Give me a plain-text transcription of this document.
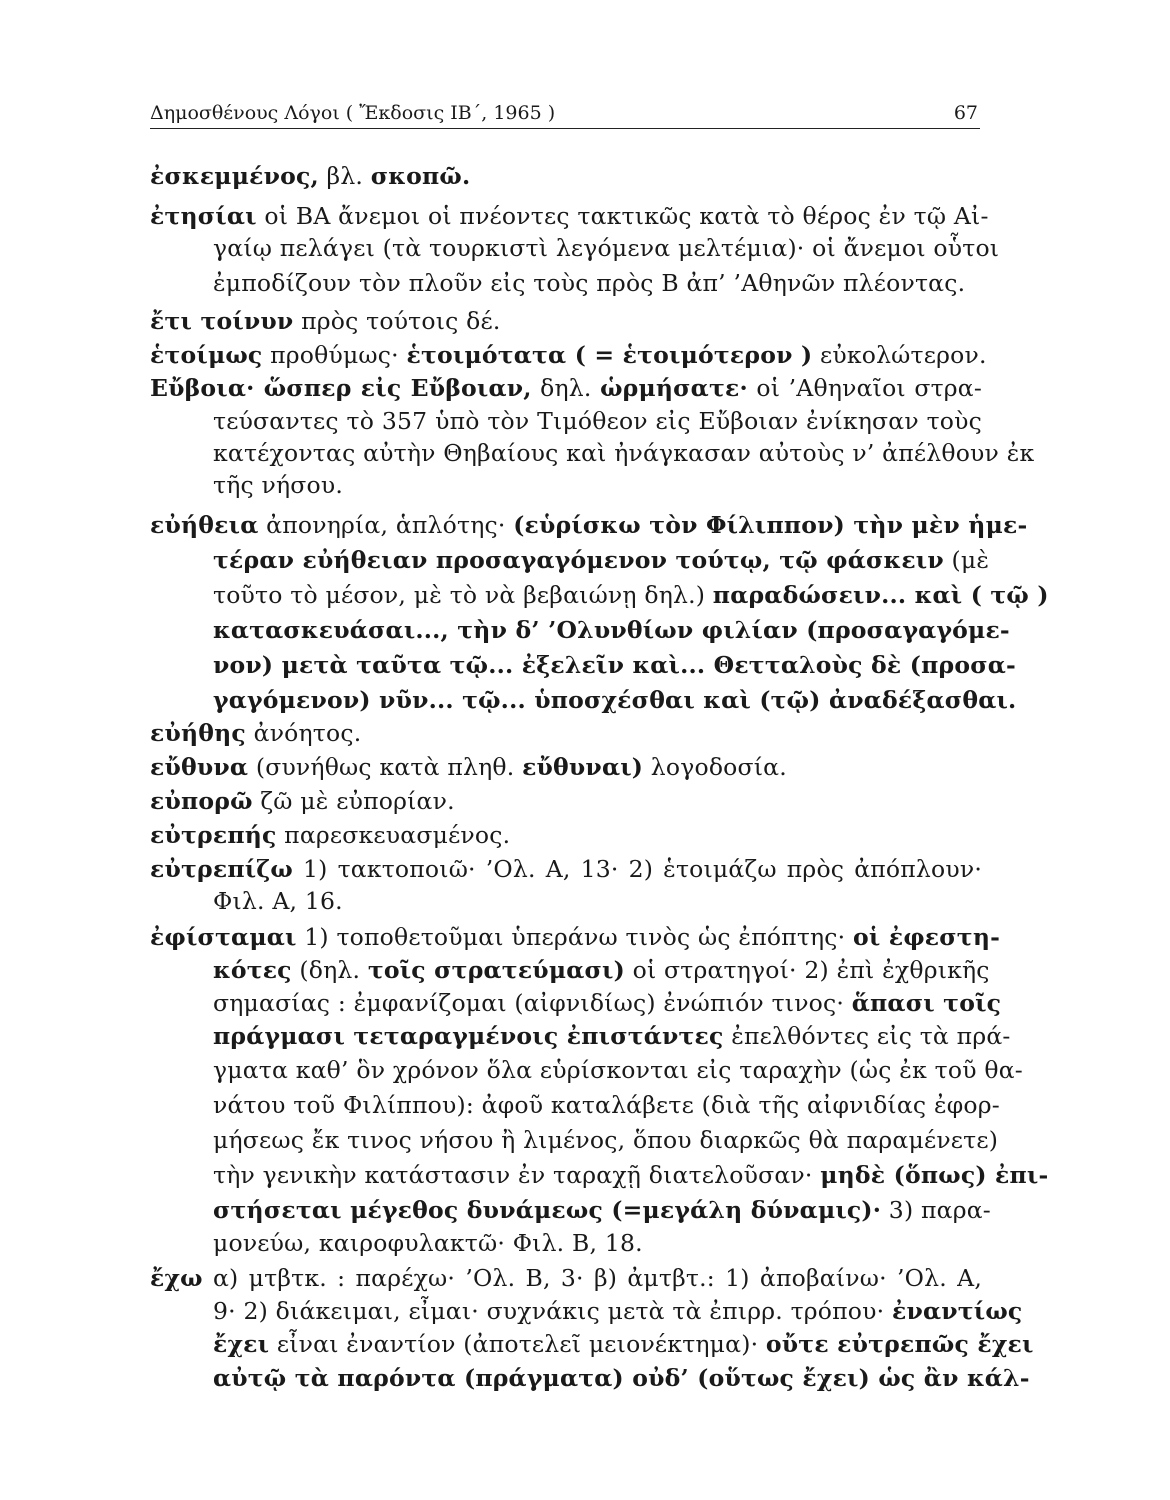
Δημοσθένους Λόγοι ( Ἔκδοσις ΙΒ΄, 1965 )	67
ἐσκεμμένος, βλ. σκοπῶ.
ἐτησίαι οἱ ΒΑ ἄνεμοι οἱ πνέοντες τακτικῶς κατὰ τὸ θέρος ἐν τῷ Αἰ-
γαίῳ πελάγει (τὰ τουρκιστὶ λεγόμενα μελτέμια)· οἱ ἄνεμοι οὗτοι
ἐμποδίζουν τὸν πλοῦν εἰς τοὺς πρὸς Β ἀπ’ ’Αθηνῶν πλέοντας.
ἔτι τοίνυν πρὸς τούτοις δέ.
ἑτοίμως προθύμως· ἑτοιμότατα ( = ἑτοιμότερον ) εὐκολώτερον.
Εὔβοια· ὥσπερ εἰς Εὔβοιαν, δηλ. ὡρμήσατε· οἱ ’Αθηναῖοι στρα-
τεύσαντες τὸ 357 ὑπὸ τὸν Τιμόθεον εἰς Εὔβοιαν ἐνίκησαν τοὺς
κατέχοντας αὐτὴν Θηβαίους καὶ ἠνάγκασαν αὐτοὺς ν’ ἀπέλθουν ἐκ
τῆς νήσου.
εὐήθεια ἀπονηρία, ἁπλότης· (εὑρίσκω τὸν Φίλιππον) τὴν μὲν ἡμε-
τέραν εὐήθειαν προσαγαγόμενον τούτῳ, τῷ φάσκειν (μὲ
τοῦτο τὸ μέσον, μὲ τὸ νὰ βεβαιώνῃ δηλ.) παραδώσειν... καὶ ( τῷ )
κατασκευάσαι..., τὴν δ’ ’Ολυνθίων φιλίαν (προσαγαγόμε-
νον) μετὰ ταῦτα τῷ... ἐξελεῖν καὶ... Θετταλοὺς δὲ (προσα-
γαγόμενον) νῦν... τῷ... ὑποσχέσθαι καὶ (τῷ) ἀναδέξασθαι.
εὐήθης ἀνόητος.
εὔθυνα (συνήθως κατὰ πληθ. εὔθυναι) λογοδοσία.
εὐπορῶ ζῶ μὲ εὐπορίαν.
εὐτρεπής παρεσκευασμένος.
εὐτρεπίζω 1) τακτοποιῶ· ’Ολ. Α, 13· 2) ἑτοιμάζω πρὸς ἀπόπλουν·
Φιλ. Α, 16.
ἐφίσταμαι 1) τοποθετοῦμαι ὑπεράνω τινὸς ὡς ἐπόπτης· οἱ ἐφεστη-
κότες (δηλ. τοῖς στρατεύμασι) οἱ στρατηγοί· 2) ἐπὶ ἐχθρικῆς
σημασίας : ἐμφανίζομαι (αἰφνιδίως) ἐνώπιόν τινος· ἅπασι τοῖς
πράγμασι τεταραγμένοις ἐπιστάντες ἐπελθόντες εἰς τὰ πρά-
γματα καθ’ ὃν χρόνον ὅλα εὑρίσκονται εἰς ταραχὴν (ὡς ἐκ τοῦ θα-
νάτου τοῦ Φιλίππου): ἀφοῦ καταλάβετε (διὰ τῆς αἰφνιδίας ἐφορ-
μήσεως ἔκ τινος νήσου ἢ λιμένος, ὅπου διαρκῶς θὰ παραμένετε)
τὴν γενικὴν κατάστασιν ἐν ταραχῇ διατελοῦσαν· μηδὲ (ὅπως) ἐπι-
στήσεται μέγεθος δυνάμεως (=μεγάλη δύναμις)· 3) παρα-
μονεύω, καιροφυλακτῶ· Φιλ. Β, 18.
ἔχω α) μτβτκ. : παρέχω· ’Ολ. Β, 3· β) ἀμτβτ.: 1) ἀποβαίνω· ’Ολ. Α,
9· 2) διάκειμαι, εἶμαι· συχνάκις μετὰ τὰ ἐπιρρ. τρόπου· ἐναντίως
ἔχει εἶναι ἐναντίον (ἀποτελεῖ μειονέκτημα)· οὔτε εὐτρεπῶς ἔχει
αὐτῷ τὰ παρόντα (πράγματα) οὐδ’ (οὕτως ἔχει) ὡς ἂν κάλ-
